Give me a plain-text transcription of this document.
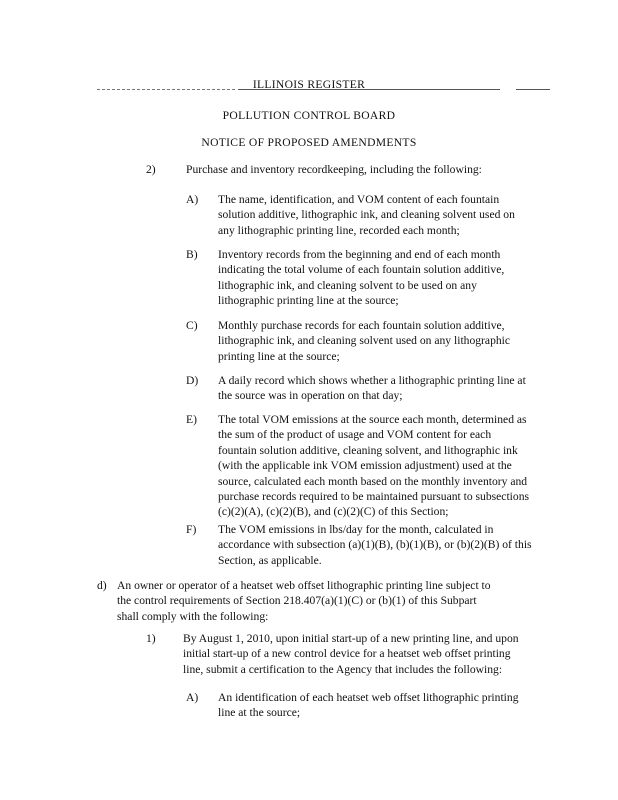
ILLINOIS REGISTER
POLLUTION CONTROL BOARD
NOTICE OF PROPOSED AMENDMENTS
2)	Purchase and inventory recordkeeping, including the following:
A) The name, identification, and VOM content of each fountain
solution additive, lithographic ink, and cleaning solvent used on
any lithographic printing line, recorded each month;
B) Inventory records from the beginning and end of each month
indicating the total volume of each fountain solution additive,
lithographic ink, and cleaning solvent to be used on any
lithographic printing line at the source;
C) Monthly purchase records for each fountain solution additive,
lithographic ink, and cleaning solvent used on any lithographic
printing line at the source;
D) A daily record which shows whether a lithographic printing line at
the source was in operation on that day;
E) The total VOM emissions at the source each month, determined as
the sum of the product of usage and VOM content for each
fountain solution additive, cleaning solvent, and lithographic ink
(with the applicable ink VOM emission adjustment) used at the
source, calculated each month based on the monthly inventory and
purchase records required to be maintained pursuant to subsections
(c)(2)(A), (c)(2)(B), and (c)(2)(C) of this Section;
F) The VOM emissions in lbs/day for the month, calculated in
accordance with subsection (a)(1)(B), (b)(1)(B), or (b)(2)(B) of this
Section, as applicable.
d) An owner or operator of a heatset web offset lithographic printing line subject to
the control requirements of Section 218.407(a)(1)(C) or (b)(1) of this Subpart
shall comply with the following:
1) By August 1, 2010, upon initial start-up of a new printing line, and upon
initial start-up of a new control device for a heatset web offset printing
line, submit a certification to the Agency that includes the following:
A) An identification of each heatset web offset lithographic printing
line at the source;
